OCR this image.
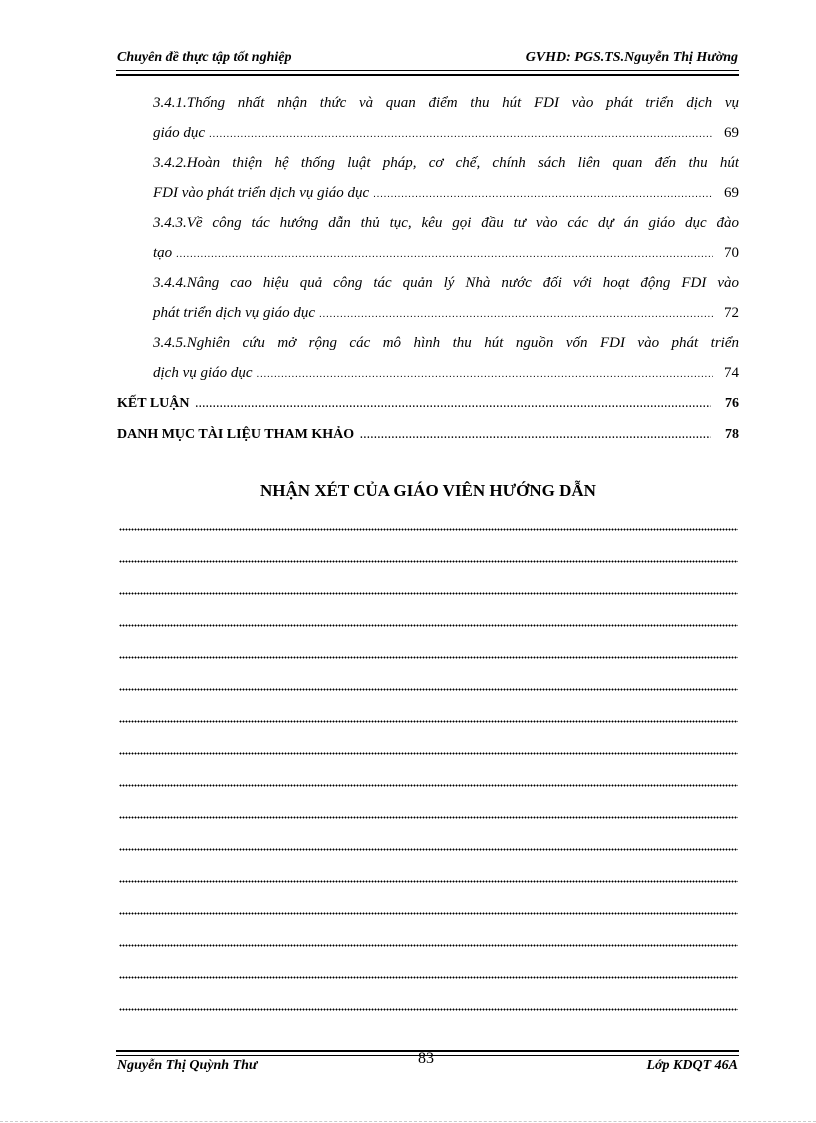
Chuyên đề thực tập tốt nghiệp	GVHD: PGS.TS.Nguyễn Thị Hường
3.4.1.Thống nhất nhận thức và quan điểm thu hút FDI vào phát triển dịch vụ
giáo dục .....	69
3.4.2.Hoàn thiện hệ thống luật pháp, cơ chế, chính sách liên quan đến thu hút
FDI vào phát triển dịch vụ giáo dục .....	69
3.4.3.Về công tác hướng dẫn thủ tục, kêu gọi đầu tư vào các dự án giáo dục đào
tạo .....	70
3.4.4.Nâng cao hiệu quả công tác quản lý Nhà nước đối với hoạt động FDI vào
phát triển dịch vụ giáo dục .....	72
3.4.5.Nghiên cứu mở rộng các mô hình thu hút nguồn vốn FDI vào phát triển
dịch vụ giáo dục .....	74
KẾT LUẬN .....	76
DANH MỤC TÀI LIỆU THAM KHẢO .....	78
NHẬN XÉT CỦA GIÁO VIÊN HƯỚNG DẪN
83
Nguyễn Thị Quỳnh Thư	Lớp KDQT 46A
